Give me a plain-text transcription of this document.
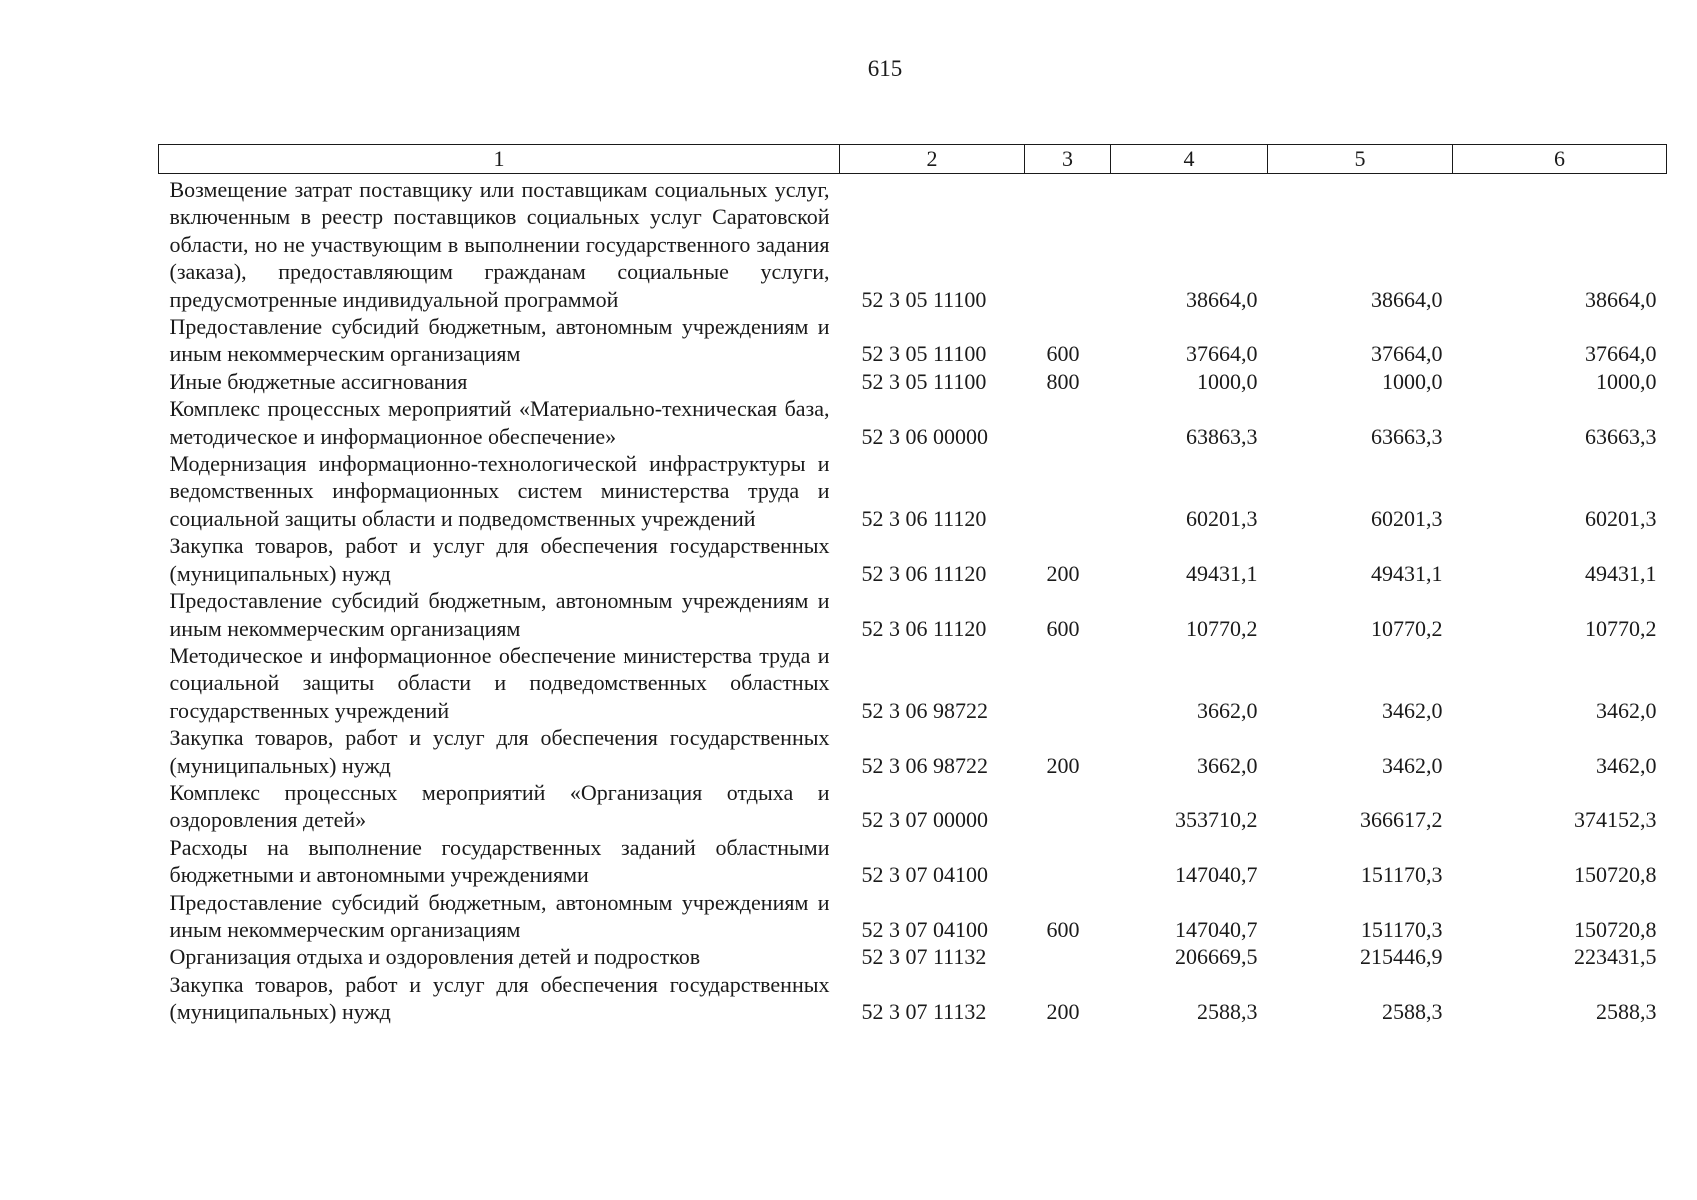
615
1	2	3	4	5	6
Возмещение затрат поставщику или поставщикам социальных услуг, включенным в реестр поставщиков социальных услуг Саратовской области, но не участвующим в выполнении государственного задания (заказа), предоставляющим гражданам социальные услуги, предусмотренные индивидуальной программой	52 3 05 11100		38664,0	38664,0	38664,0
Предоставление субсидий бюджетным, автономным учреждениям и иным некоммерческим организациям	52 3 05 11100	600	37664,0	37664,0	37664,0
Иные бюджетные ассигнования	52 3 05 11100	800	1000,0	1000,0	1000,0
Комплекс процессных мероприятий «Материально-техническая база, методическое и информационное обеспечение»	52 3 06 00000		63863,3	63663,3	63663,3
Модернизация информационно-технологической инфраструктуры и ведомственных информационных систем министерства труда и социальной защиты области и подведомственных учреждений	52 3 06 11120		60201,3	60201,3	60201,3
Закупка товаров, работ и услуг для обеспечения государственных (муниципальных) нужд	52 3 06 11120	200	49431,1	49431,1	49431,1
Предоставление субсидий бюджетным, автономным учреждениям и иным некоммерческим организациям	52 3 06 11120	600	10770,2	10770,2	10770,2
Методическое и информационное обеспечение министерства труда и социальной защиты области и подведомственных областных государственных учреждений	52 3 06 98722		3662,0	3462,0	3462,0
Закупка товаров, работ и услуг для обеспечения государственных (муниципальных) нужд	52 3 06 98722	200	3662,0	3462,0	3462,0
Комплекс процессных мероприятий «Организация отдыха и оздоровления детей»	52 3 07 00000		353710,2	366617,2	374152,3
Расходы на выполнение государственных заданий областными бюджетными и автономными учреждениями	52 3 07 04100		147040,7	151170,3	150720,8
Предоставление субсидий бюджетным, автономным учреждениям и иным некоммерческим организациям	52 3 07 04100	600	147040,7	151170,3	150720,8
Организация отдыха и оздоровления детей и подростков	52 3 07 11132		206669,5	215446,9	223431,5
Закупка товаров, работ и услуг для обеспечения государственных (муниципальных) нужд	52 3 07 11132	200	2588,3	2588,3	2588,3
